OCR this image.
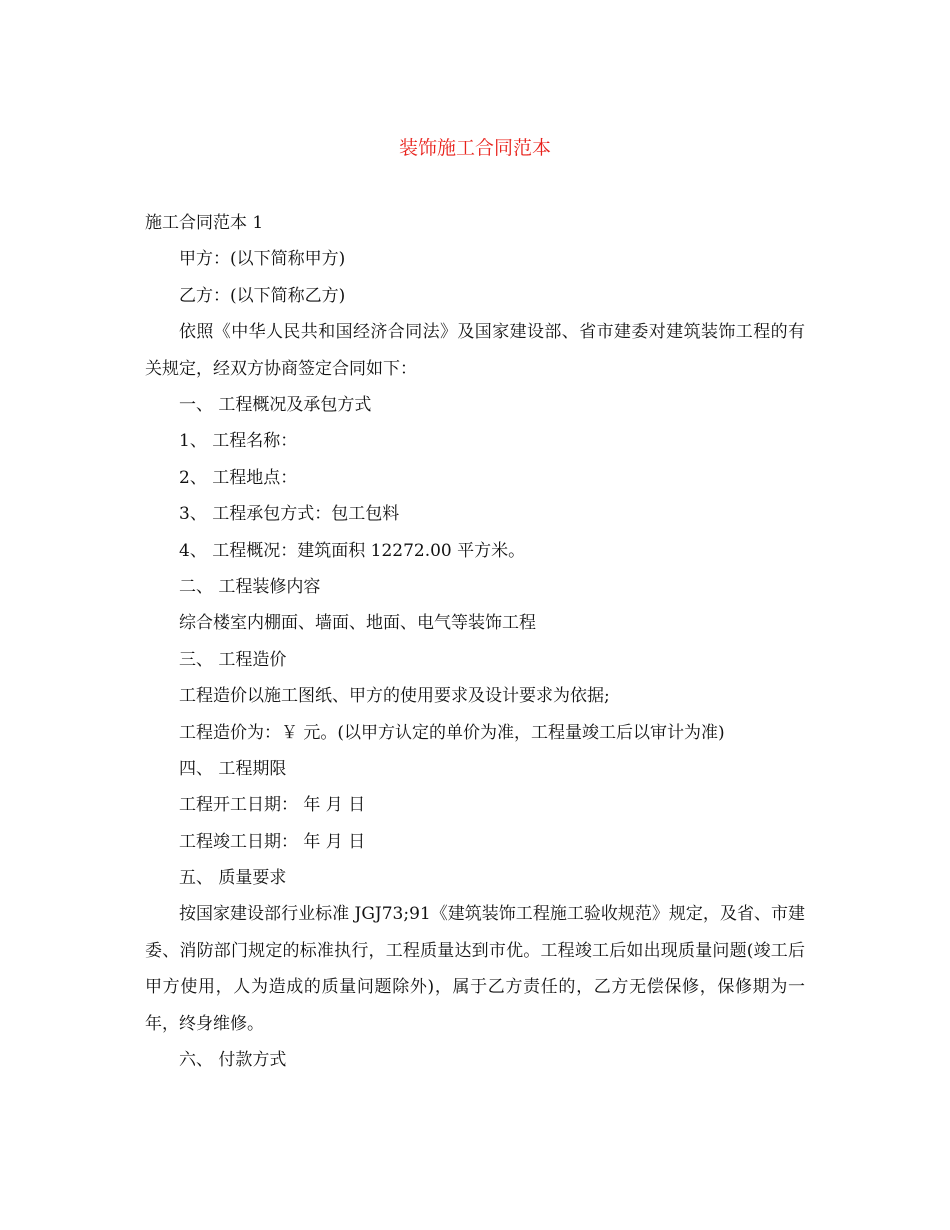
装饰施工合同范本

施工合同范本 1

甲方：(以下简称甲方)

乙方：(以下简称乙方)

依照《中华人民共和国经济合同法》及国家建设部、省市建委对建筑装饰工程的有关规定，经双方协商签定合同如下：

一、 工程概况及承包方式

1、 工程名称：

2、 工程地点：

3、 工程承包方式：包工包料

4、 工程概况：建筑面积 12272.00 平方米。

二、 工程装修内容

综合楼室内棚面、墙面、地面、电气等装饰工程

三、 工程造价

工程造价以施工图纸、甲方的使用要求及设计要求为依据;

工程造价为：￥ 元。(以甲方认定的单价为准，工程量竣工后以审计为准)

四、 工程期限

工程开工日期： 年 月 日

工程竣工日期： 年 月 日

五、 质量要求

按国家建设部行业标准 JGJ73;91《建筑装饰工程施工验收规范》规定，及省、市建委、消防部门规定的标准执行，工程质量达到市优。工程竣工后如出现质量问题(竣工后甲方使用，人为造成的质量问题除外)，属于乙方责任的，乙方无偿保修，保修期为一年，终身维修。

六、 付款方式
